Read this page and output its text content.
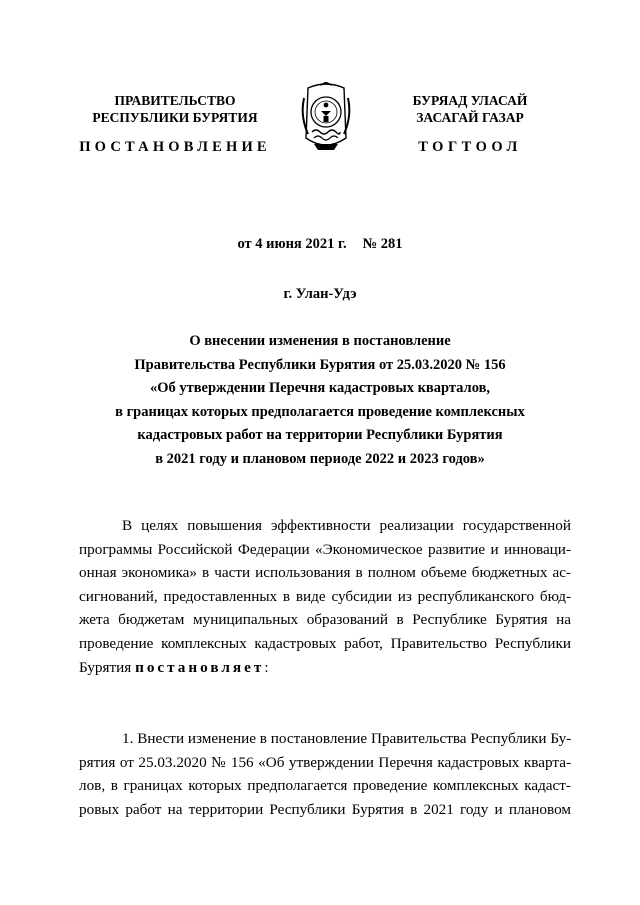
ПРАВИТЕЛЬСТВО
РЕСПУБЛИКИ БУРЯТИЯ
БУРЯАД УЛАСАЙ
ЗАСАГАЙ ГАЗАР
ПОСТАНОВЛЕНИЕ	ТОГТООЛ
от 4 июня 2021 г. № 281
г. Улан-Удэ
О внесении изменения в постановление
Правительства Республики Бурятия от 25.03.2020 № 156
«Об утверждении Перечня кадастровых кварталов,
в границах которых предполагается проведение комплексных
кадастровых работ на территории Республики Бурятия
в 2021 году и плановом периоде 2022 и 2023 годов»
В целях повышения эффективности реализации государственной
программы Российской Федерации «Экономическое развитие и инноваци-
онная экономика» в части использования в полном объеме бюджетных ас-
сигнований, предоставленных в виде субсидии из республиканского бюд-
жета бюджетам муниципальных образований в Республике Бурятия на
проведение комплексных кадастровых работ, Правительство Республики
Бурятия постановляет:
1. Внести изменение в постановление Правительства Республики Бу-
рятия от 25.03.2020 № 156 «Об утверждении Перечня кадастровых кварта-
лов, в границах которых предполагается проведение комплексных кадаст-
ровых работ на территории Республики Бурятия в 2021 году и плановом
